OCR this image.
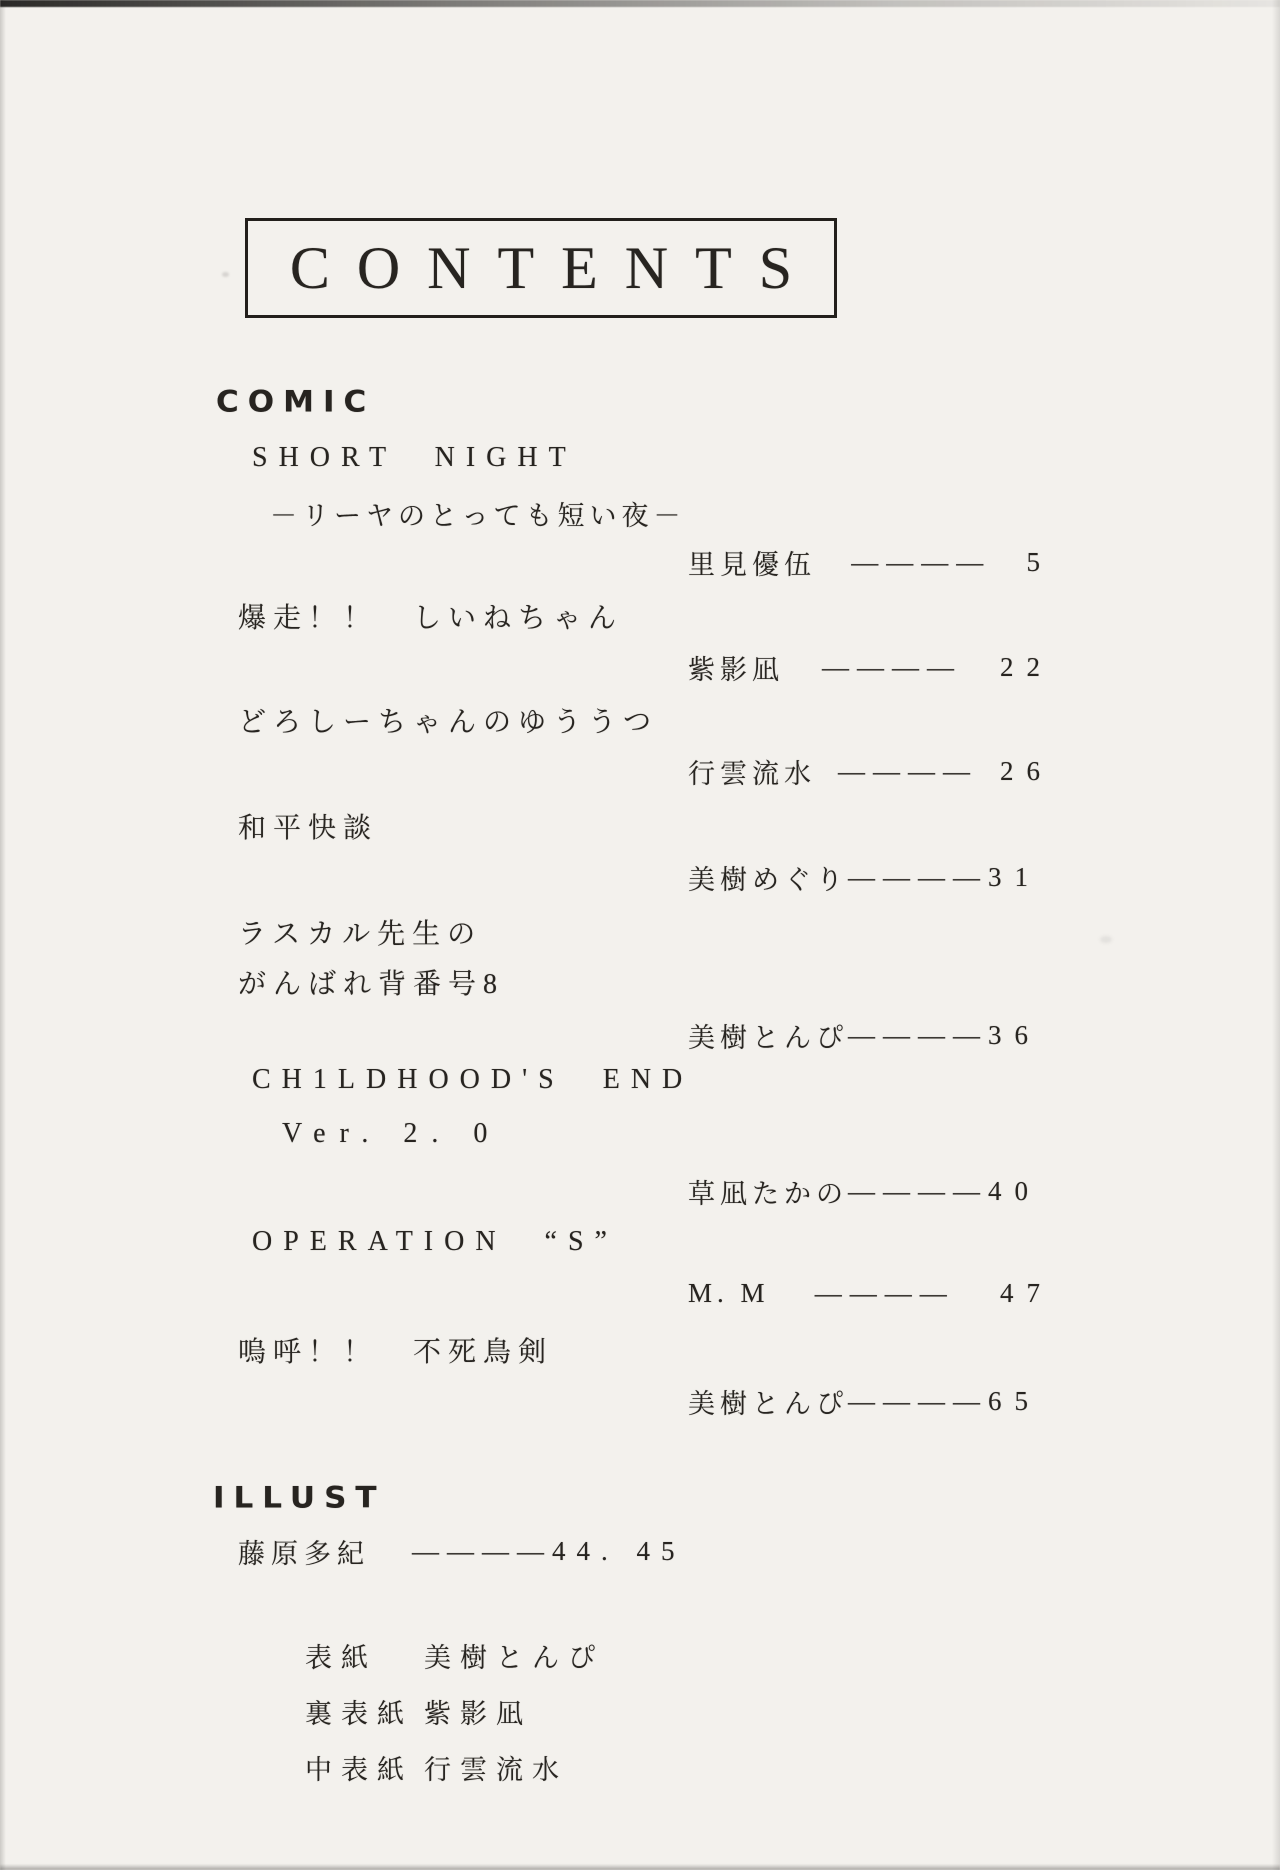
CONTENTS
COMIC
SHORT NIGHT
－リーヤのとっても短い夜－
里見優伍 ―――― 5
爆走！！　しいねちゃん
紫影凪 ―――― 22
どろしーちゃんのゆううつ
行雲流水 ―――― 26
和平快談
美樹めぐり ―――― 31
ラスカル先生の
がんばれ背番号8
美樹とんぴ ―――― 36
CH1LDHOOD'S END
Ver. 2. 0
草凪たかの ―――― 40
OPERATION “S”
M. M ―――― 47
嗚呼！！　不死鳥剣
美樹とんぴ ―――― 65
ILLUST
藤原多紀 ―――― 44. 45
表紙 美樹とんぴ
裏表紙 紫影凪
中表紙 行雲流水
